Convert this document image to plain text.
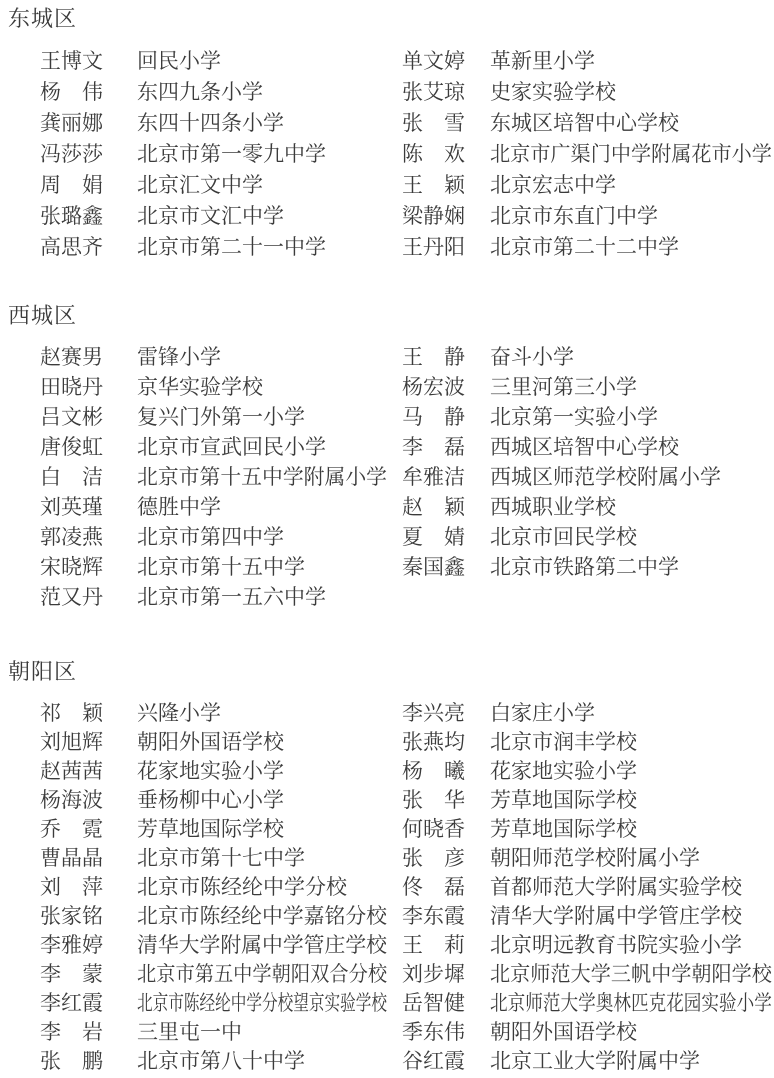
东城区
王博文 回民小学
杨　伟 东四九条小学
龚丽娜 东四十四条小学
冯莎莎 北京市第一零九中学
周　娟 北京汇文中学
张璐鑫 北京市文汇中学
高思齐 北京市第二十一中学
单文婷 革新里小学
张艾琼 史家实验学校
张　雪 东城区培智中心学校
陈　欢 北京市广渠门中学附属花市小学
王　颖 北京宏志中学
梁静娴 北京市东直门中学
王丹阳 北京市第二十二中学
西城区
赵赛男 雷锋小学
田晓丹 京华实验学校
吕文彬 复兴门外第一小学
唐俊虹 北京市宣武回民小学
白　洁 北京市第十五中学附属小学
刘英瑾 德胜中学
郭凌燕 北京市第四中学
宋晓辉 北京市第十五中学
范又丹 北京市第一五六中学
王　静 奋斗小学
杨宏波 三里河第三小学
马　静 北京第一实验小学
李　磊 西城区培智中心学校
牟雅洁 西城区师范学校附属小学
赵　颖 西城职业学校
夏　婧 北京市回民学校
秦国鑫 北京市铁路第二中学
朝阳区
祁　颖 兴隆小学
刘旭辉 朝阳外国语学校
赵茜茜 花家地实验小学
杨海波 垂杨柳中心小学
乔　霓 芳草地国际学校
曹晶晶 北京市第十七中学
刘　萍 北京市陈经纶中学分校
张家铭 北京市陈经纶中学嘉铭分校
李雅婷 清华大学附属中学管庄学校
李　蒙 北京市第五中学朝阳双合分校
李红霞 北京市陈经纶中学分校望京实验学校
李　岩 三里屯一中
张　鹏 北京市第八十中学
李兴亮 白家庄小学
张燕均 北京市润丰学校
杨　曦 花家地实验小学
张　华 芳草地国际学校
何晓香 芳草地国际学校
张　彦 朝阳师范学校附属小学
佟　磊 首都师范大学附属实验学校
李东霞 清华大学附属中学管庄学校
王　莉 北京明远教育书院实验小学
刘步墀 北京师范大学三帆中学朝阳学校
岳智健 北京师范大学奥林匹克花园实验小学
季东伟 朝阳外国语学校
谷红霞 北京工业大学附属中学
